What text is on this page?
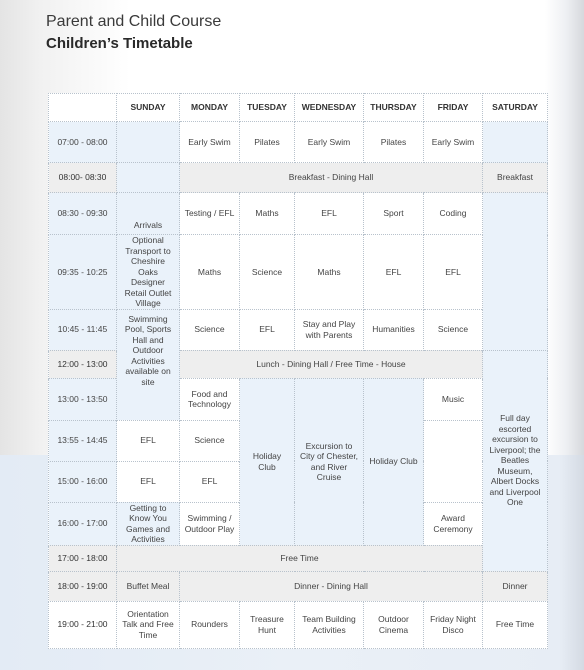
Parent and Child Course
Children’s Timetable
	SUNDAY	MONDAY	TUESDAY	WEDNESDAY	THURSDAY	FRIDAY	SATURDAY
07:00 - 08:00		Early Swim	Pilates	Early Swim	Pilates	Early Swim	
08:00- 08:30		Breakfast - Dining Hall					Breakfast
08:30 - 09:30	Arrivals	Testing / EFL	Maths	EFL	Sport	Coding	
09:35 - 10:25	Optional Transport to Cheshire Oaks Designer Retail Outlet Village	Maths	Science	Maths	EFL	EFL	
10:45 - 11:45	Swimming Pool, Sports Hall and Outdoor Activities available on site	Science	EFL	Stay and Play with Parents	Humanities	Science	
12:00 - 13:00		Lunch - Dining Hall / Free Time - House					Full day escorted excursion to Liverpool; the Beatles Museum, Albert Docks and Liverpool One
13:00 - 13:50		Food and Technology	Holiday Club	Excursion to City of Chester, and River Cruise	Holiday Club	Music	
13:55 - 14:45	EFL	Science					
15:00 - 16:00	EFL	EFL					
16:00 - 17:00	Getting to Know You Games and Activities	Swimming / Outdoor Play				Award Ceremony	
17:00 - 18:00	Free Time						
18:00 - 19:00	Buffet Meal	Dinner - Dining Hall					Dinner
19:00 - 21:00	Orientation Talk and Free Time	Rounders	Treasure Hunt	Team Building Activities	Outdoor Cinema	Friday Night Disco	Free Time
